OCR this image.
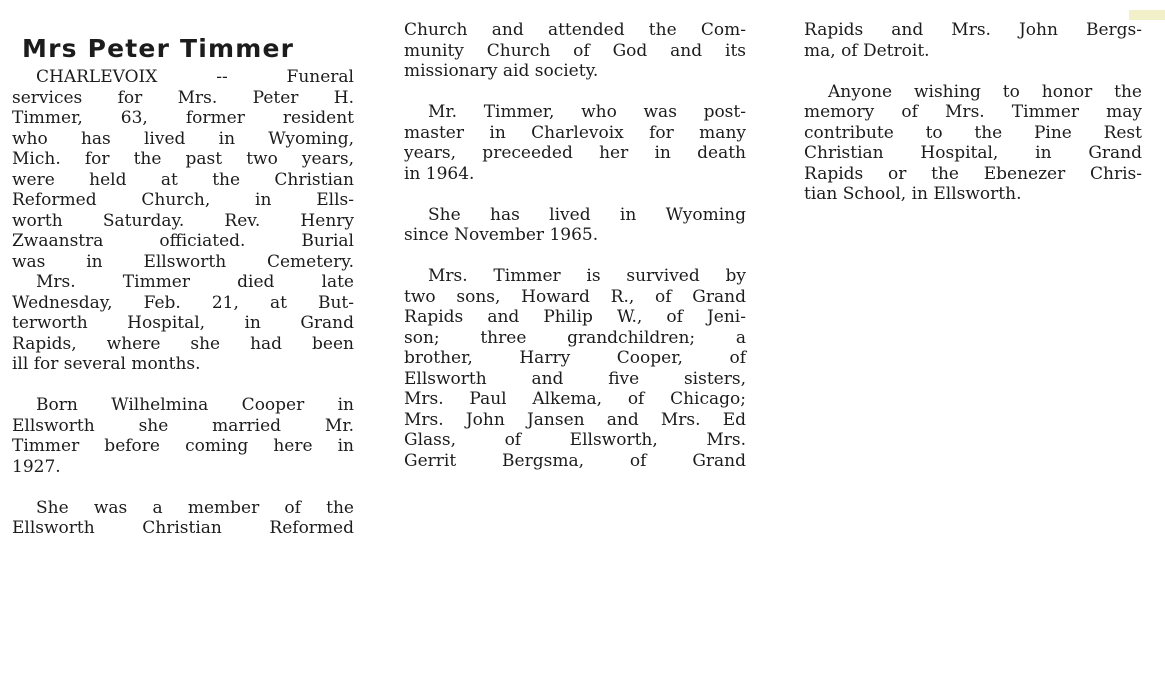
Mrs Peter Timmer
CHARLEVOIX -- Funeral
services for Mrs. Peter H.
Timmer, 63, former resident
who has lived in Wyoming,
Mich. for the past two years,
were held at the Christian
Reformed Church, in Ells-
worth Saturday. Rev. Henry
Zwaanstra officiated. Burial
was in Ellsworth Cemetery.
Mrs. Timmer died late
Wednesday, Feb. 21, at But-
terworth Hospital, in Grand
Rapids, where she had been
ill for several months.
Born Wilhelmina Cooper in
Ellsworth she married Mr.
Timmer before coming here in
1927.
She was a member of the
Ellsworth Christian Reformed
Church and attended the Com-
munity Church of God and its
missionary aid society.
Mr. Timmer, who was post-
master in Charlevoix for many
years, preceeded her in death
in 1964.
She has lived in Wyoming
since November 1965.
Mrs. Timmer is survived by
two sons, Howard R., of Grand
Rapids and Philip W., of Jeni-
son; three grandchildren; a
brother, Harry Cooper, of
Ellsworth and five sisters,
Mrs. Paul Alkema, of Chicago;
Mrs. John Jansen and Mrs. Ed
Glass, of Ellsworth, Mrs.
Gerrit Bergsma, of Grand
Rapids and Mrs. John Bergs-
ma, of Detroit.
Anyone wishing to honor the
memory of Mrs. Timmer may
contribute to the Pine Rest
Christian Hospital, in Grand
Rapids or the Ebenezer Chris-
tian School, in Ellsworth.
